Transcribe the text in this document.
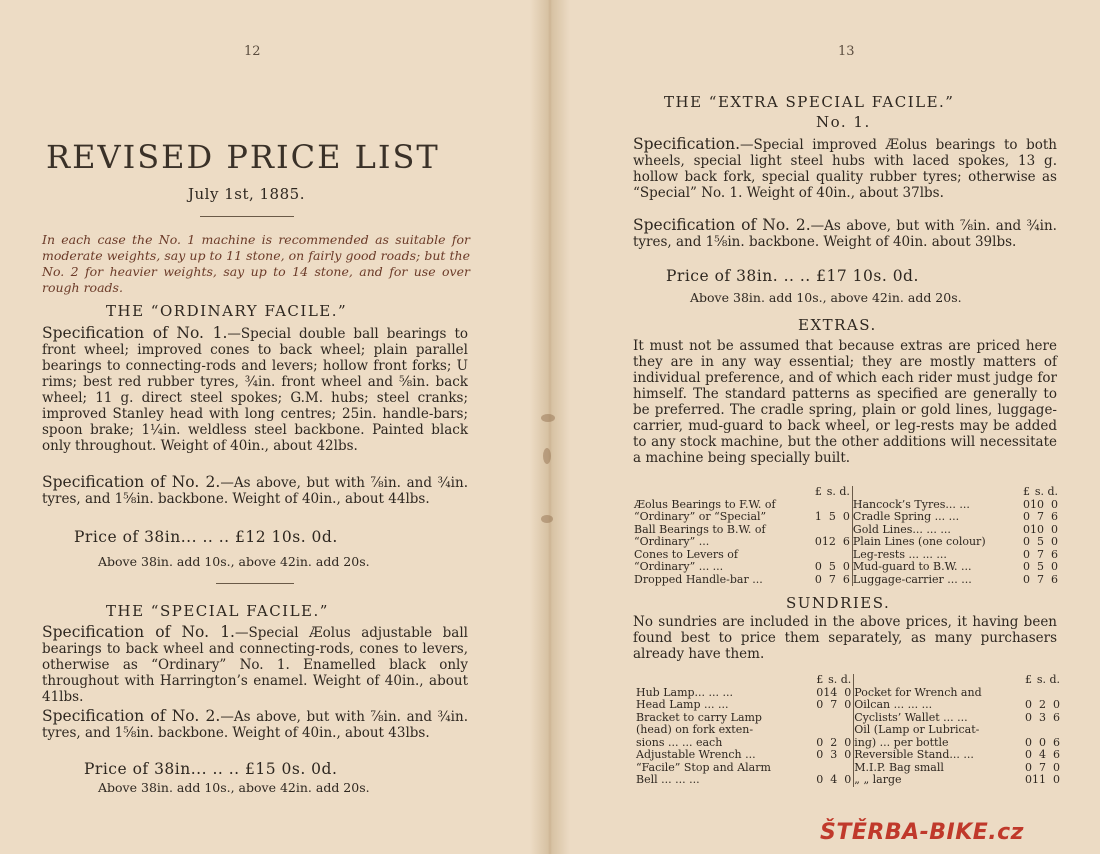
12
REVISED PRICE LIST
July 1st, 1885.
In each case the No. 1 machine is recommended as suitable for moderate weights, say up to 11 stone, on fairly good roads; but the No. 2 for heavier weights, say up to 14 stone, and for use over rough roads.
THE “ORDINARY FACILE.”
Specification of No. 1.—Special double ball bearings to front wheel; improved cones to back wheel; plain parallel bearings to connecting-rods and levers; hollow front forks; U rims; best red rubber tyres, ¾in. front wheel and ⅝in. back wheel; 11 g. direct steel spokes; G.M. hubs; steel cranks; improved Stanley head with long centres; 25in. handle-bars; spoon brake; 1¼in. weldless steel backbone. Painted black only throughout. Weight of 40in., about 42lbs.
Specification of No. 2.—As above, but with ⅞in. and ¾in. tyres, and 1⅝in. backbone. Weight of 40in., about 44lbs.
Price of 38in... .. .. £12 10s. 0d.
Above 38in. add 10s., above 42in. add 20s.
THE “SPECIAL FACILE.”
Specification of No. 1.—Special Æolus adjustable ball bearings to back wheel and connecting-rods, cones to levers, otherwise as “Ordinary” No. 1. Enamelled black only throughout with Harrington’s enamel. Weight of 40in., about 41lbs.
Specification of No. 2.—As above, but with ⅞in. and ¾in. tyres, and 1⅝in. backbone. Weight of 40in., about 43lbs.
Price of 38in... .. .. £15 0s. 0d.
Above 38in. add 10s., above 42in. add 20s.
13
THE “EXTRA SPECIAL FACILE.”
No. 1.
Specification.—Special improved Æolus bearings to both wheels, special light steel hubs with laced spokes, 13 g. hollow back fork, special quality rubber tyres; otherwise as “Special” No. 1. Weight of 40in., about 37lbs.
Specification of No. 2.—As above, but with ⅞in. and ¾in. tyres, and 1⅝in. backbone. Weight of 40in. about 39lbs.
Price of 38in. .. .. £17 10s. 0d.
Above 38in. add 10s., above 42in. add 20s.
EXTRAS.
It must not be assumed that because extras are priced here they are in any way essential; they are mostly matters of individual preference, and of which each rider must judge for himself. The standard patterns as specified are generally to be preferred. The cradle spring, plain or gold lines, luggage-carrier, mud-guard to back wheel, or leg-rests may be added to any stock machine, but the other additions will necessitate a machine being specially built.
	£	s.	d.			£	s.	d.
Æolus Bearings to F.W. of					Hancock’s Tyres... ...	0	10	0
“Ordinary” or “Special”	1	5	0		Cradle Spring ... ...	0	7	6
Ball Bearings to B.W. of					Gold Lines... ... ...	0	10	0
“Ordinary” ...	0	12	6		Plain Lines (one colour)	0	5	0
Cones to Levers of					Leg-rests ... ... ...	0	7	6
“Ordinary” ... ...	0	5	0		Mud-guard to B.W. ...	0	5	0
Dropped Handle-bar ...	0	7	6		Luggage-carrier ... ...	0	7	6
SUNDRIES.
No sundries are included in the above prices, it having been found best to price them separately, as many purchasers already have them.
	£	s.	d.			£	s.	d.
Hub Lamp... ... ...	0	14	0		Pocket for Wrench and			
Head Lamp ... ...	0	7	0		Oilcan ... ... ...	0	2	0
Bracket to carry Lamp					Cyclists’ Wallet ... ...	0	3	6
(head) on fork exten-					Oil (Lamp or Lubricat-			
sions ... ... each	0	2	0		ing) ... per bottle	0	0	6
Adjustable Wrench ...	0	3	0		Reversible Stand... ...	0	4	6
“Facile” Stop and Alarm					M.I.P. Bag small	0	7	0
Bell ... ... ...	0	4	0		„ „ large	0	11	0
ŠTĚRBA-BIKE.cz
